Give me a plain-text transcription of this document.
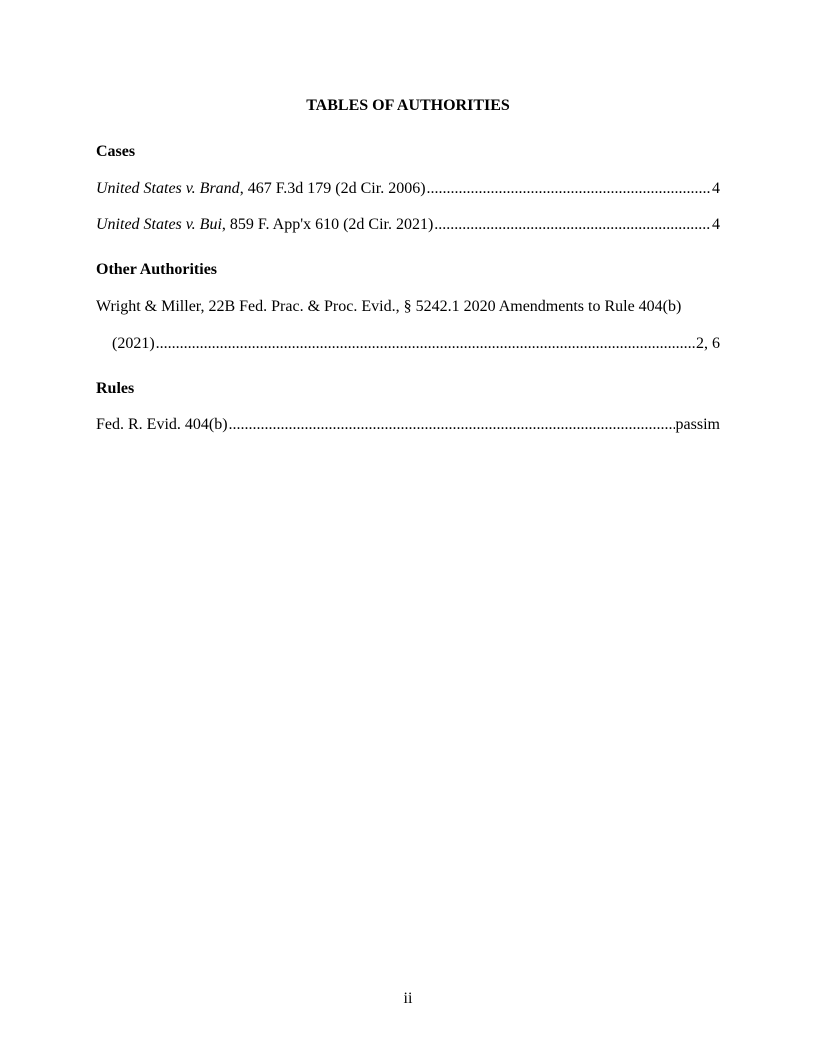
TABLES OF AUTHORITIES
Cases
United States v. Brand, 467 F.3d 179 (2d Cir. 2006) .....	4
United States v. Bui, 859 F. App'x 610 (2d Cir. 2021) .....	4
Other Authorities
Wright & Miller, 22B Fed. Prac. & Proc. Evid., § 5242.1 2020 Amendments to Rule 404(b)
(2021) .....	2, 6
Rules
Fed. R. Evid. 404(b) .....	passim
ii
